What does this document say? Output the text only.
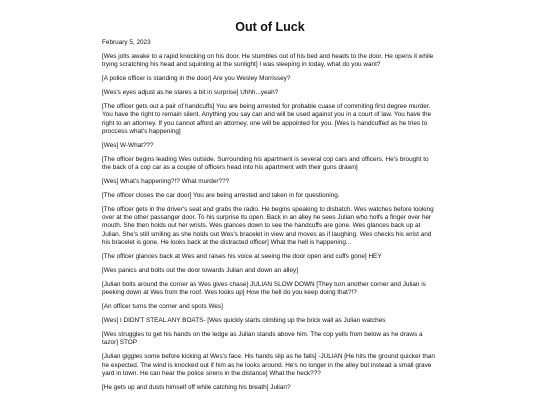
Out of Luck
February 5, 2023

[Wes jolts awake to a rapid knocking on his door. He stumbles out of his bed and heads to the door. He opens it while trying scratching his head and squinting at the sunlight] I was sleeping in today, what do you want?

[A police officer is standing in the door] Are you Wesley Morrissey?

[Wes's eyes adjust as he stares a bit in surprise] Uhhh...yeah?

[The officer gets out a pair of handcuffs] You are being arrested for probable cuase of commiting first degree murder. You have the right to remain silent. Anything you say can and will be used against you in a court of law. You have the right to an attorney. If you cannot afford an attorney, one will be appointed for you. [Wes is handcuffed as he tries to proccess what's happening]

[Wes] W-What???

[The officer begins leading Wes outside. Surrounding his apartment is several cop cars and officers. He's brought to the back of a cop car as a couple of officers head into his apartment with their guns drawn]

[Wes] What's happening?!? What murder???

[The officer closes the car door] You are being arrested and taken in for questioning.

[The officer gets in the driver's seat and grabs the radio. He begins speaking to disbatch. Wes watches before looking over at the other passanger door. To his surprise its open. Back in an alley he sees Julian who holfs a finger over her mouth. She then holds out her wrists. Wes glances down to see the handcuffs are gone. Wes glances back up at Julian. She's still smiling as she holds out Wes's bracelet in view and moves as if laughing. Wes checks his wrist and his bracelet is gone. He looks back at the distracted officer] What the hell is happening...

[The officer glances back at Wes and raises his voice at seeing the door open and cuffs gone] HEY

[Wes panics and bolts out the door towards Julian and down an alley]

[Julian bolts around the corner as Wes gives chase] JULIAN SLOW DOWN [They turn another corner and Julian is peeking down at Wes from the roof. Wes looks up] How the hell do you keep doing that?!?

[An officer turns the corner and spots Wes]

[Wes] I DIDN'T STEAL ANY BOATS- [Wes quickly starts climbing up the brick wall as Julian watches

[Wes struggles to get his hands on the ledge as Julian stands above him. The cop yells from below as he draws a tazor] STOP

[Julian giggles some before kicking at Wes's face. His hands slip as he falls] -JULIAN [He hits the ground quicker than he expected. The wind is knocked out if him as he looks around. He's no longer in the alley but instead a small grave yard in town. He can hear the police sirens in the distance] What the heck???

[He gets up and dusts himself off while catching his breath] Julian?
